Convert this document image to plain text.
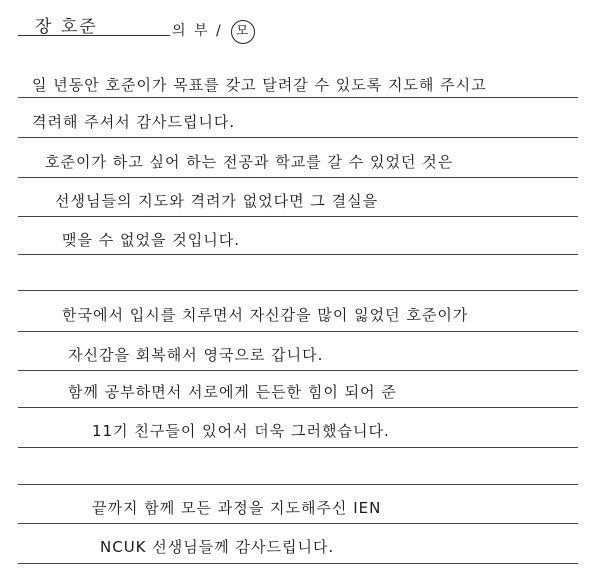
장 호준	의 부 / 모
일 년동안 호준이가 목표를 갖고 달려갈 수 있도록 지도해 주시고
격려해 주셔서 감사드립니다.
호준이가 하고 싶어 하는 전공과 학교를 갈 수 있었던 것은
선생님들의 지도와 격려가 없었다면 그 결실을
맺을 수 없었을 것입니다.
한국에서 입시를 치루면서 자신감을 많이 잃었던 호준이가
자신감을 회복해서 영국으로 갑니다.
함께 공부하면서 서로에게 든든한 힘이 되어 준
11기 친구들이 있어서 더욱 그러했습니다.
끝까지 함께 모든 과정을 지도해주신 IEN
NCUK 선생님들께 감사드립니다.
